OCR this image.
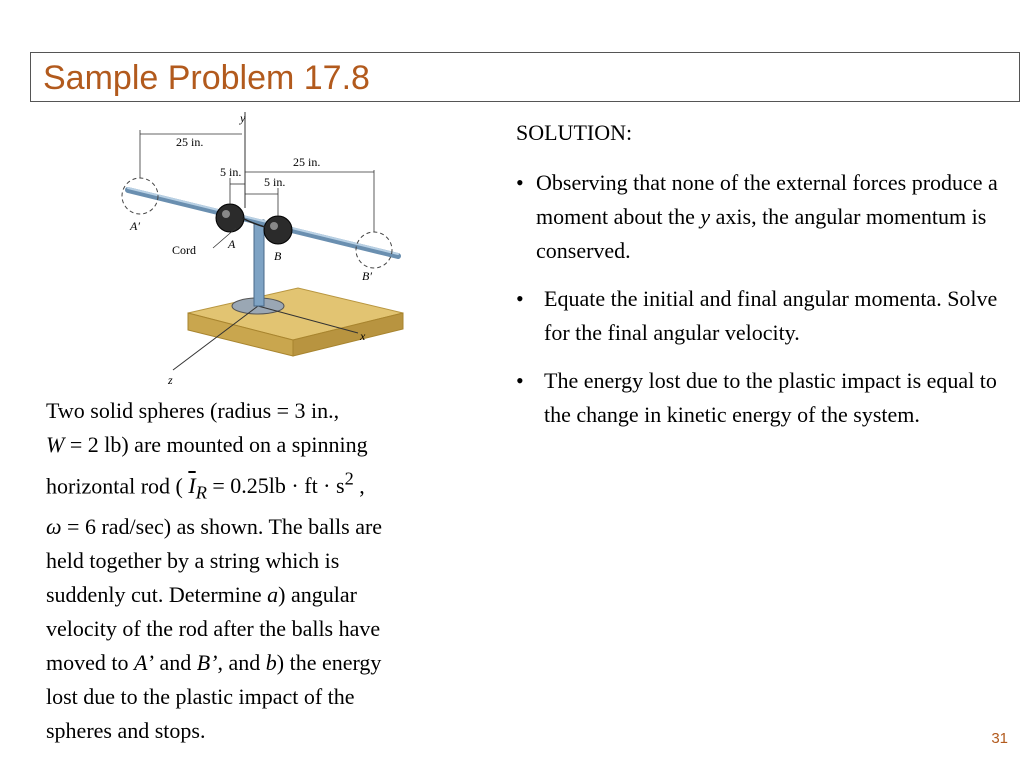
Sample Problem 17.8
y
x
z
25 in.
25 in.
5 in.
5 in.
A′
B′
A
B
Cord
Two solid spheres (radius = 3 in.,
W = 2 lb) are mounted on a spinning
horizontal rod ( $\overline{I}_R = 0.25lb$ · ft · $s^2$ ,
ω = 6 rad/sec) as shown. The balls are
held together by a string which is
suddenly cut. Determine a) angular
velocity of the rod after the balls have
moved to A’ and B’, and b) the energy
lost due to the plastic impact of the
spheres and stops.
SOLUTION:
• Observing that none of the external forces produce a moment about the y axis, the angular momentum is conserved.
• Equate the initial and final angular momenta. Solve for the final angular velocity.
• The energy lost due to the plastic impact is equal to the change in kinetic energy of the system.
31
